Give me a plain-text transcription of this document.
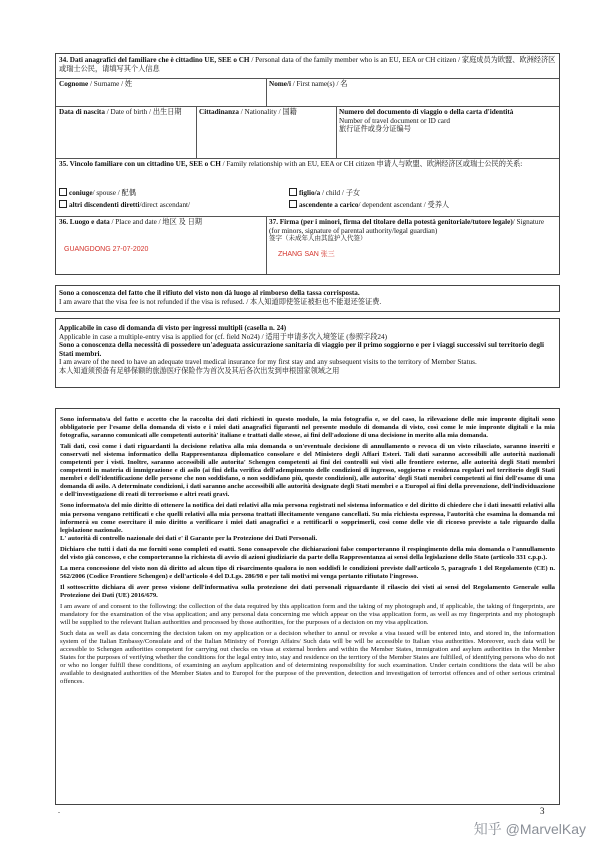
34. Dati anagrafici del familiare che è cittadino UE, SEE o CH / Personal data of the family member who is an EU, EEA or CH citizen / 家庭成员为欧盟、欧洲经济区或瑞士公民，请填写其个人信息
Cognome / Surname / 姓	Nome/i / First name(s) / 名
Data di nascita / Date of birth / 出生日期	Cittadinanza / Nationality / 国籍	Numero del documento di viaggio o della carta d'identità
Number of travel document or ID card
旅行证件或身分证编号
35. Vincolo familiare con un cittadino UE, SEE o CH / Family relationship with an EU, EEA or CH citizen 申请人与欧盟、欧洲经济区或瑞士公民的关系:
coniuge/ spouse / 配偶	figlio/a / child / 子女
altri discendenti diretti/direct ascendant/	ascendente a carico/ dependent ascendant / 受养人
36. Luogo e data / Place and date / 地区 及 日期
GUANGDONG 27-07-2020
37. Firma (per i minori, firma del titolare della potestà genitoriale/tutore legale)/ Signature (for minors, signature of parental authority/legal guardian)
签字（未成年人由其监护人代签）
ZHANG SAN 张三
Sono a conoscenza del fatto che il rifiuto del visto non dà luogo al rimborso della tassa corrisposta.
I am aware that the visa fee is not refunded if the visa is refused. / 本人知道即使签证被拒也不能退还签证费.
Applicabile in caso di domanda di visto per ingressi multipli (casella n. 24)
Applicable in case a multiple-entry visa is applied for (cf. field No24) / 适用于申请多次入境签证 (参照字段24)
Sono a conoscenza della necessità di possedere un'adeguata assicurazione sanitaria di viaggio per il primo soggiorno e per i viaggi successivi sul territorio degli Stati membri.
I am aware of the need to have an adequate travel medical insurance for my first stay and any subsequent visits to the territory of Member Status.
本人知道须预备有足够保额的旅游医疗保险作为首次及其后各次出发到申根国家领域之用

Sono informato/a del fatto e accetto che la raccolta dei dati richiesti in questo modulo, la mia fotografia e, se del caso, la rilevazione delle mie impronte digitali sono obbligatorie per l'esame della domanda di visto e i miei dati anagrafici figuranti nel presente modulo di domanda di visto, così come le mie impronte digitali e la mia fotografia, saranno comunicati alle competenti autorità' italiane e trattati dalle stesse, ai fini dell'adozione di una decisione in merito alla mia domanda.

Tali dati, così come i dati riguardanti la decisione relativa alla mia domanda o un'eventuale decisione di annullamento o revoca di un visto rilasciato, saranno inseriti e conservati nel sistema informatico della Rappresentanza diplomatico consolare e del Ministero degli Affari Esteri. Tali dati saranno accessibili alle autorità nazionali competenti per i visti. Inoltre, saranno accessibili alle autorita' Schengen competenti ai fini dei controlli sui visti alle frontiere esterne, alle autorità degli Stati membri competenti in materia di immigrazione e di asilo (ai fini della verifica dell'adempimento delle condizioni di ingresso, soggiorno e residenza regolari nel territorio degli Stati membri e dell'identificazione delle persone che non soddisfano, o non soddisfano più, queste condizioni), alle autorita' degli Stati membri competenti ai fini dell'esame di una domanda di asilo. A determinate condizioni, i dati saranno anche accessibili alle autorità designate degli Stati membri e a Europol ai fini della prevenzione, dell'individuazione e dell'investigazione di reati di terrorismo e altri reati gravi.

Sono informato/a del mio diritto di ottenere la notifica dei dati relativi alla mia persona registrati nel sistema informatico e del diritto di chiedere che i dati inesatti relativi alla mia persona vengano rettificati e che quelli relativi alla mia persona trattati illecitamente vengano cancellati. Su mia richiesta espressa, l'autorità che esamina la domanda mi informerà su come esercitare il mio diritto a verificare i miei dati anagrafici e a rettificarli o sopprimerli, così come delle vie di ricorso previste a tale riguardo dalla legislazione nazionale.

L' autorità di controllo nazionale dei dati e' il Garante per la Protezione dei Dati Personali.

Dichiaro che tutti i dati da me forniti sono completi ed esatti. Sono consapevole che dichiarazioni false comporteranno il respingimento della mia domanda o l'annullamento del visto già concesso, e che comporteranno la richiesta di avvio di azioni giudiziarie da parte della Rappresentanza ai sensi della legislazione dello Stato (articolo 331 c.p.p.).

La mera concessione del visto non dà diritto ad alcun tipo di risarcimento qualora io non soddisfi le condizioni previste dall'articolo 5, paragrafo 1 del Regolamento (CE) n. 562/2006 (Codice Frontiere Schengen) e dell'articolo 4 del D.Lgs. 286/98 e per tali motivi mi venga pertanto rifiutato l'ingresso.

Il sottoscritto dichiara di aver preso visione dell'informativa sulla protezione dei dati personali riguardante il rilascio dei visti ai sensi del Regolamento Generale sulla Protezione dei Dati (UE) 2016/679.

I am aware of and consent to the following: the collection of the data required by this application form and the taking of my photograph and, if applicable, the taking of fingerprints, are mandatory for the examination of the visa application; and any personal data concerning me which appear on the visa application form, as well as my fingerprints and my photograph will be supplied to the relevant Italian authorities and processed by those authorities, for the purposes of a decision on my visa application.

Such data as well as data concerning the decision taken on my application or a decision whether to annul or revoke a visa issued will be entered into, and stored in, the information system of the Italian Embassy/Consulate and of the Italian Ministry of Foreign Affairs/ Such data will be will be accessible to Italian visa authorities. Moreover, such data will be accessible to Schengen authorities competent for carrying out checks on visas at external borders and within the Member States, immigration and asylum authorities in the Member States for the purposes of verifying whether the conditions for the legal entry into, stay and residence on the territory of the Member States are fulfilled, of identifying persons who do not or who no longer fulfill these conditions, of examining an asylum application and of determining responsibility for such examination. Under certain conditions the data will be also available to designated authorities of the Member States and to Europol for the purpose of the prevention, detection and investigation of terrorist offences and of other serious criminal offences.

.	3
知乎 @MarvelKay
